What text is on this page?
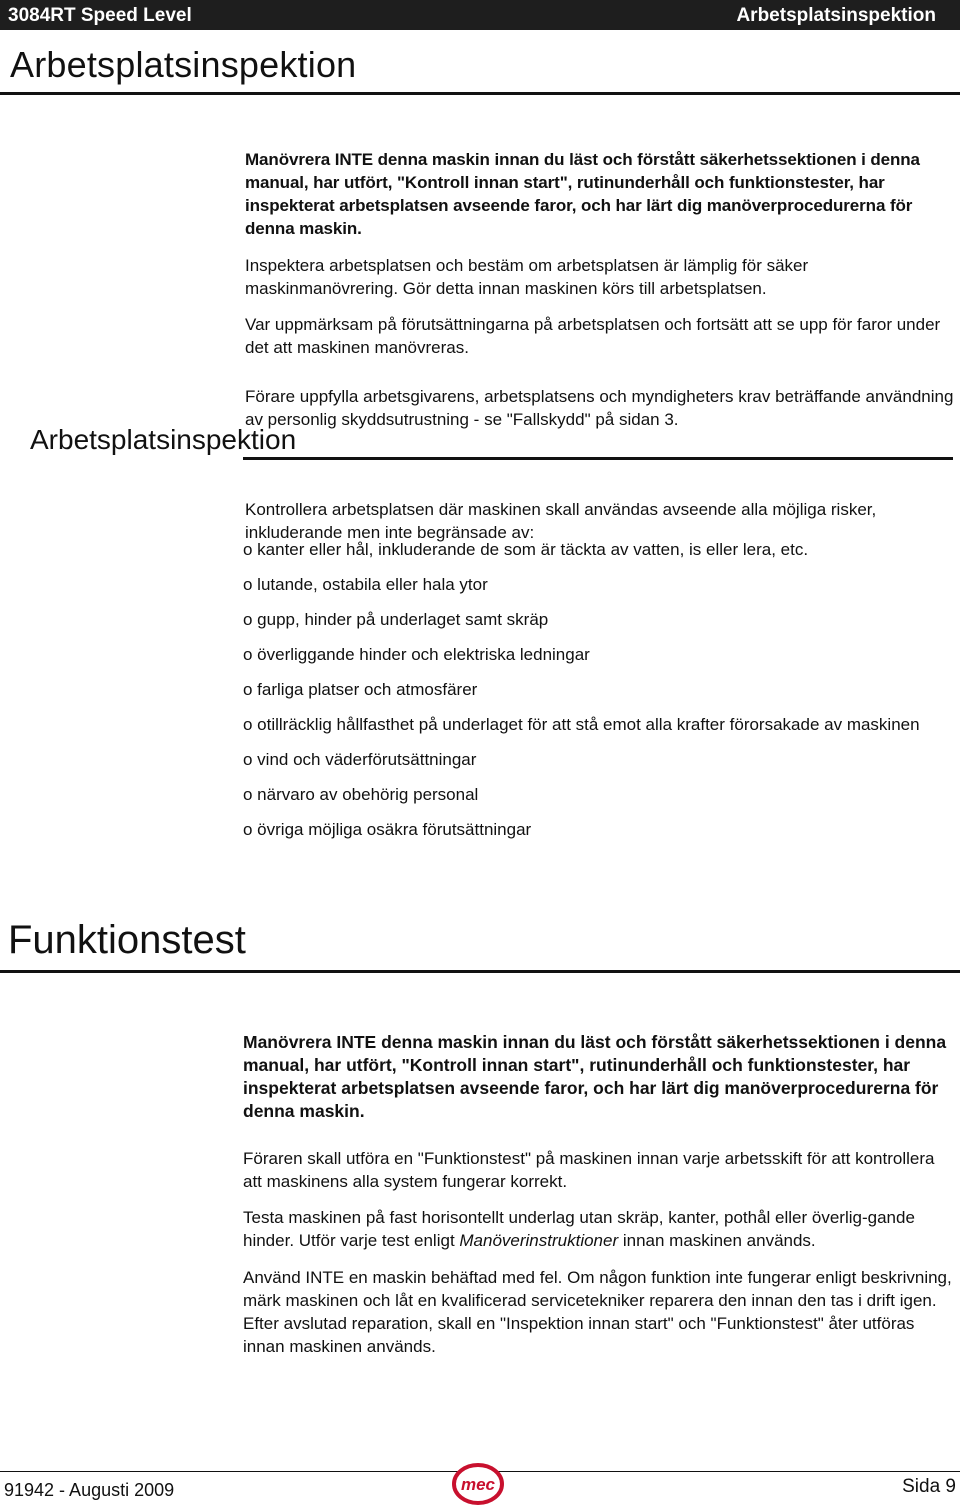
3084RT Speed Level	Arbetsplatsinspektion
Arbetsplatsinspektion

Manövrera INTE denna maskin innan du läst och förstått säkerhetssektionen i denna manual, har utfört, "Kontroll innan start", rutinunderhåll och funktionstester, har inspekterat arbetsplatsen avseende faror, och har lärt dig manöverprocedurerna för denna maskin.

Inspektera arbetsplatsen och bestäm om arbetsplatsen är lämplig för säker maskinmanövrering. Gör detta innan maskinen körs till arbetsplatsen.

Var uppmärksam på förutsättningarna på arbetsplatsen och fortsätt att se upp för faror under det att maskinen manövreras.

Förare uppfylla arbetsgivarens, arbetsplatsens och myndigheters krav beträffande användning av personlig skyddsutrustning - se "Fallskydd" på sidan 3.

Arbetsplatsinspektion

Kontrollera arbetsplatsen där maskinen skall användas avseende alla möjliga risker, inkluderande men inte begränsade av:

o kanter eller hål, inkluderande de som är täckta av vatten, is eller lera, etc.
o lutande, ostabila eller hala ytor
o gupp, hinder på underlaget samt skräp
o överliggande hinder och elektriska ledningar
o farliga platser och atmosfärer
o otillräcklig hållfasthet på underlaget för att stå emot alla krafter förorsakade av maskinen
o vind och väderförutsättningar
o närvaro av obehörig personal
o övriga möjliga osäkra förutsättningar
Funktionstest

Manövrera INTE denna maskin innan du läst och förstått säkerhetssektionen i denna manual, har utfört, "Kontroll innan start", rutinunderhåll och funktionstester, har inspekterat arbetsplatsen avseende faror, och har lärt dig manöverprocedurerna för denna maskin.

Föraren skall utföra en "Funktionstest" på maskinen innan varje arbetsskift för att kontrollera att maskinens alla system fungerar korrekt.

Testa maskinen på fast horisontellt underlag utan skräp, kanter, pothål eller överlig-gande hinder. Utför varje test enligt Manöverinstruktioner innan maskinen används.

Använd INTE en maskin behäftad med fel. Om någon funktion inte fungerar enligt beskrivning, märk maskinen och låt en kvalificerad servicetekniker reparera den innan den tas i drift igen. Efter avslutad reparation, skall en "Inspektion innan start" och "Funktionstest" åter utföras innan maskinen används.

91942 - Augusti 2009	mec	Sida 9
